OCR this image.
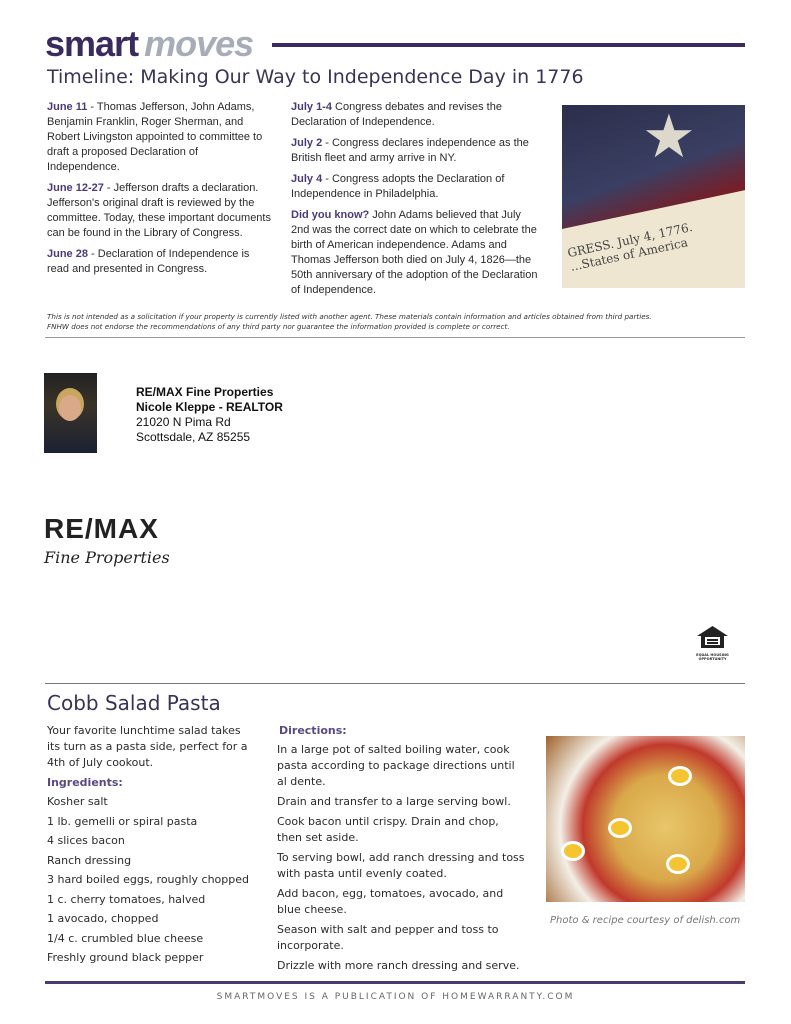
smart moves
Timeline: Making Our Way to Independence Day in 1776

June 11 - Thomas Jefferson, John Adams, Benjamin Franklin, Roger Sherman, and Robert Livingston appointed to committee to draft a proposed Declaration of Independence.

June 12-27 - Jefferson drafts a declaration. Jefferson's original draft is reviewed by the committee. Today, these important documents can be found in the Library of Congress.

June 28 - Declaration of Independence is read and presented in Congress.

July 1-4 Congress debates and revises the Declaration of Independence.

July 2 - Congress declares independence as the British fleet and army arrive in NY.

July 4 - Congress adopts the Declaration of Independence in Philadelphia.

Did you know? John Adams believed that July 2nd was the correct date on which to celebrate the birth of American independence. Adams and Thomas Jefferson both died on July 4, 1826—the 50th anniversary of the adoption of the Declaration of Independence.

★
GRESS. July 4, 1776. ...States of America
This is not intended as a solicitation if your property is currently listed with another agent. These materials contain information and articles obtained from third parties.
FNHW does not endorse the recommendations of any third party nor guarantee the information provided is complete or correct.
RE/MAX Fine Properties
Nicole Kleppe - REALTOR
21020 N Pima Rd
Scottsdale, AZ 85255
RE/MAX
Fine Properties
EQUAL HOUSING OPPORTUNITY
Cobb Salad Pasta
Your favorite lunchtime salad takes its turn as a pasta side, perfect for a 4th of July cookout.
Ingredients:
Kosher salt
1 lb. gemelli or spiral pasta
4 slices bacon
Ranch dressing
3 hard boiled eggs, roughly chopped
1 c. cherry tomatoes, halved
1 avocado, chopped
1/4 c. crumbled blue cheese
Freshly ground black pepper
Directions:
In a large pot of salted boiling water, cook pasta according to package directions until al dente.
Drain and transfer to a large serving bowl.
Cook bacon until crispy. Drain and chop, then set aside.
To serving bowl, add ranch dressing and toss with pasta until evenly coated.
Add bacon, egg, tomatoes, avocado, and blue cheese.
Season with salt and pepper and toss to incorporate.
Drizzle with more ranch dressing and serve.
Photo & recipe courtesy of delish.com
SMARTMOVES IS A PUBLICATION OF HOMEWARRANTY.COM
